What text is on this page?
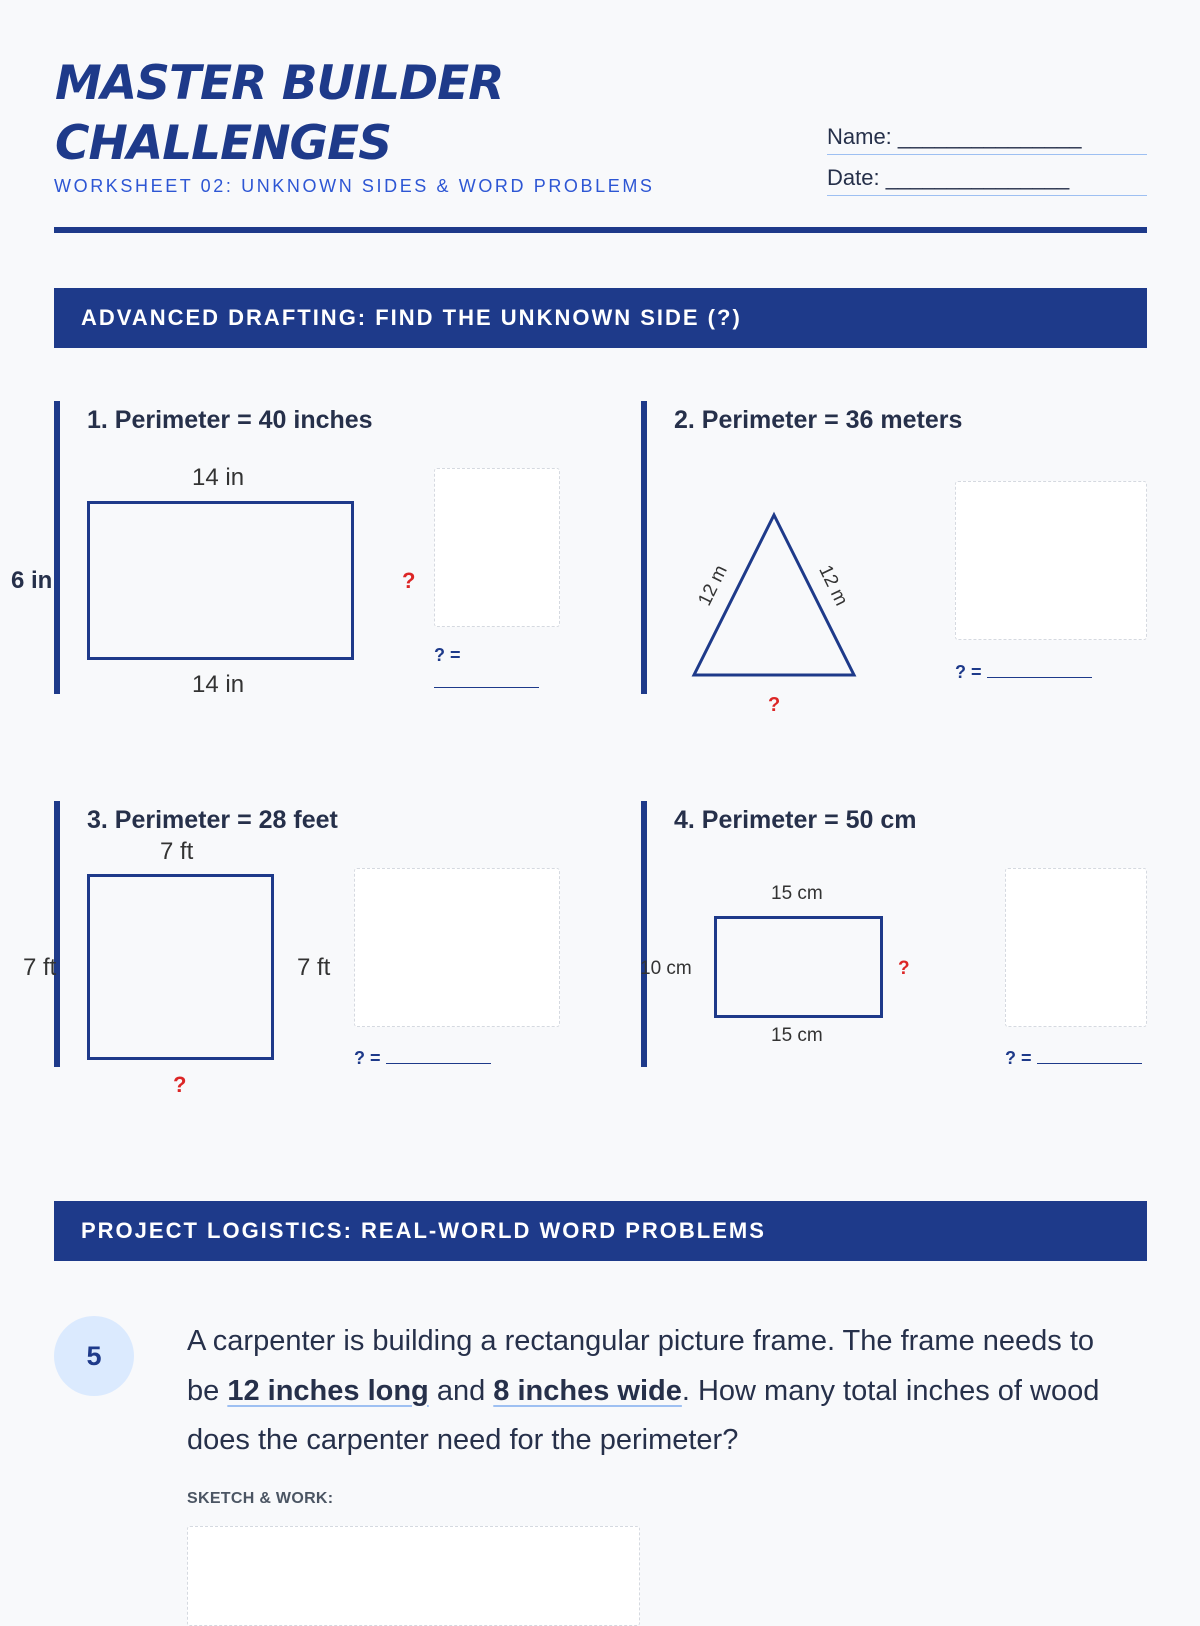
MASTER BUILDER
CHALLENGES
WORKSHEET 02: UNKNOWN SIDES & WORD PROBLEMS
Name: _______________
Date: _______________
ADVANCED DRAFTING: FIND THE UNKNOWN SIDE (?)
1. Perimeter = 40 inches
14 in
6 in	?
14 in
? =
2. Perimeter = 36 meters
12 m	12 m
?
? =
3. Perimeter = 28 feet
7 ft
7 ft	7 ft
?
? =
4. Perimeter = 50 cm
15 cm
10 cm	?
15 cm
? =
PROJECT LOGISTICS: REAL-WORLD WORD PROBLEMS
5	A carpenter is building a rectangular picture frame. The frame needs to be 12 inches long and 8 inches wide. How many total inches of wood does the carpenter need for the perimeter?
SKETCH & WORK:
